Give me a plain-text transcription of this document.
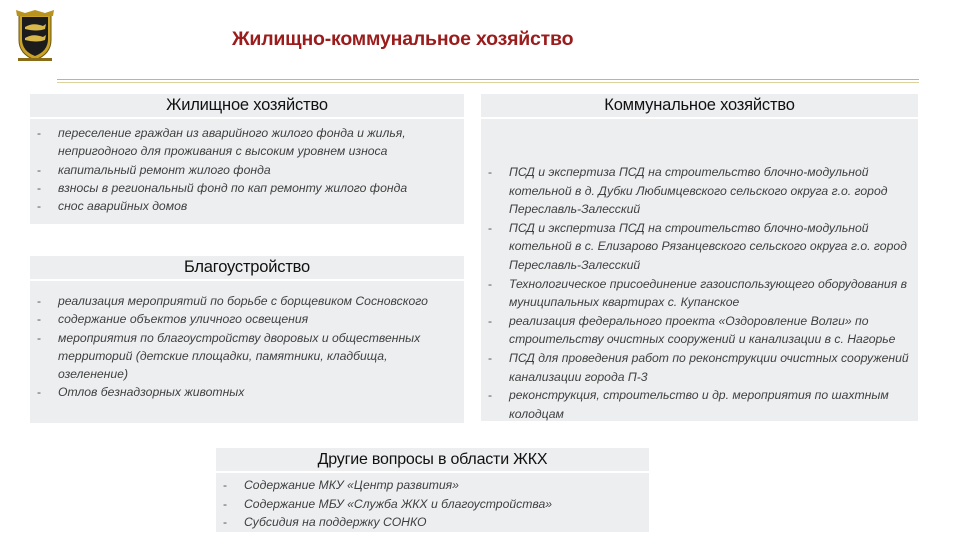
Жилищно-коммунальное хозяйство
Жилищное хозяйство
- переселение граждан из аварийного жилого фонда и жилья, непригодного для проживания с высоким уровнем износа
- капитальный ремонт жилого фонда
- взносы в региональный фонд по кап ремонту жилого фонда
- снос аварийных домов
Благоустройство
- реализация мероприятий по борьбе с борщевиком Сосновского
- содержание объектов уличного освещения
- мероприятия по благоустройству дворовых и общественных территорий (детские площадки, памятники, кладбища, озеленение)
- Отлов безнадзорных животных
Коммунальное хозяйство
- ПСД и экспертиза ПСД на строительство блочно-модульной котельной в д. Дубки Любимцевского сельского округа г.о. город Переславль-Залесский
- ПСД и экспертиза ПСД на строительство блочно-модульной котельной в с. Елизарово Рязанцевского сельского округа г.о. город Переславль-Залесский
- Технологическое присоединение газоиспользующего оборудования в муниципальных квартирах с. Купанское
- реализация федерального проекта «Оздоровление Волги» по строительству очистных сооружений и канализации в с. Нагорье
- ПСД для проведения работ по реконструкции очистных сооружений канализации города П-3
- реконструкция, строительство и др. мероприятия по шахтным колодцам
Другие вопросы в области ЖКХ
- Содержание МКУ «Центр развития»
- Содержание МБУ «Служба ЖКХ и благоустройства»
- Субсидия на поддержку СОНКО
